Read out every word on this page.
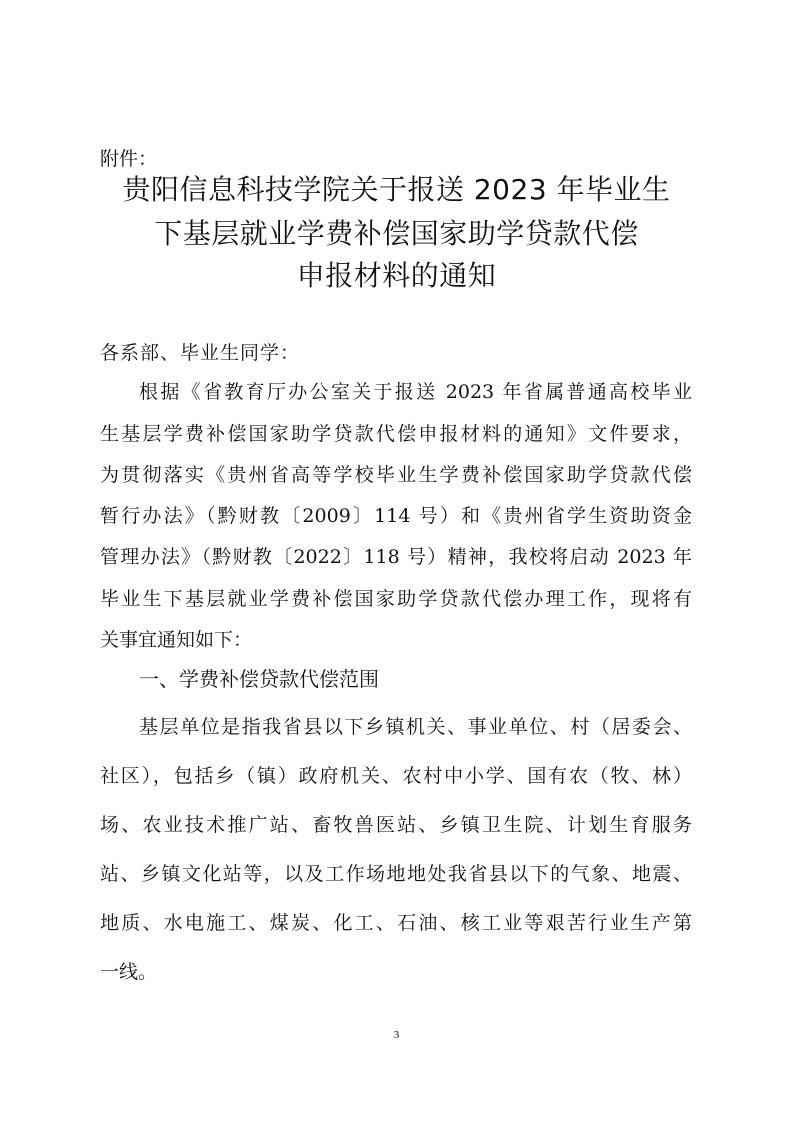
附件：

贵阳信息科技学院关于报送 2023 年毕业生

下基层就业学费补偿国家助学贷款代偿

申报材料的通知

各系部、毕业生同学：

根据《省教育厅办公室关于报送 2023 年省属普通高校毕业

生基层学费补偿国家助学贷款代偿申报材料的通知》文件要求，

为贯彻落实《贵州省高等学校毕业生学费补偿国家助学贷款代偿

暂行办法》（黔财教〔2009〕114 号）和《贵州省学生资助资金

管理办法》（黔财教〔2022〕118 号）精神，我校将启动 2023 年

毕业生下基层就业学费补偿国家助学贷款代偿办理工作，现将有

关事宜通知如下：

一、学费补偿贷款代偿范围

基层单位是指我省县以下乡镇机关、事业单位、村（居委会、

社区），包括乡（镇）政府机关、农村中小学、国有农（牧、林）

场、农业技术推广站、畜牧兽医站、乡镇卫生院、计划生育服务

站、乡镇文化站等，以及工作场地地处我省县以下的气象、地震、

地质、水电施工、煤炭、化工、石油、核工业等艰苦行业生产第

一线。

3
